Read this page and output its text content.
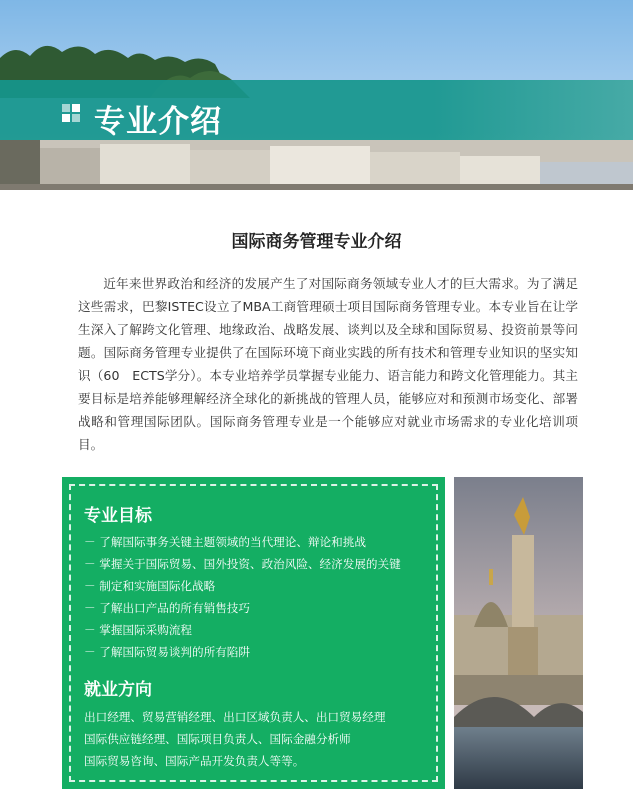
专业介绍
国际商务管理专业介绍

近年来世界政治和经济的发展产生了对国际商务领域专业人才的巨大需求。为了满足这些需求，巴黎ISTEC设立了MBA工商管理硕士项目国际商务管理专业。本专业旨在让学生深入了解跨文化管理、地缘政治、战略发展、谈判以及全球和国际贸易、投资前景等问题。国际商务管理专业提供了在国际环境下商业实践的所有技术和管理专业知识的坚实知识（60　ECTS学分）。本专业培养学员掌握专业能力、语言能力和跨文化管理能力。其主要目标是培养能够理解经济全球化的新挑战的管理人员，能够应对和预测市场变化、部署战略和管理国际团队。国际商务管理专业是一个能够应对就业市场需求的专业化培训项目。

专业目标
－ 了解国际事务关键主题领域的当代理论、辩论和挑战
－ 掌握关于国际贸易、国外投资、政治风险、经济发展的关键
－ 制定和实施国际化战略
－ 了解出口产品的所有销售技巧
－ 掌握国际采购流程
－ 了解国际贸易谈判的所有陷阱
就业方向
出口经理、贸易营销经理、出口区域负责人、出口贸易经理
国际供应链经理、国际项目负责人、国际金融分析师
国际贸易咨询、国际产品开发负责人等等。
